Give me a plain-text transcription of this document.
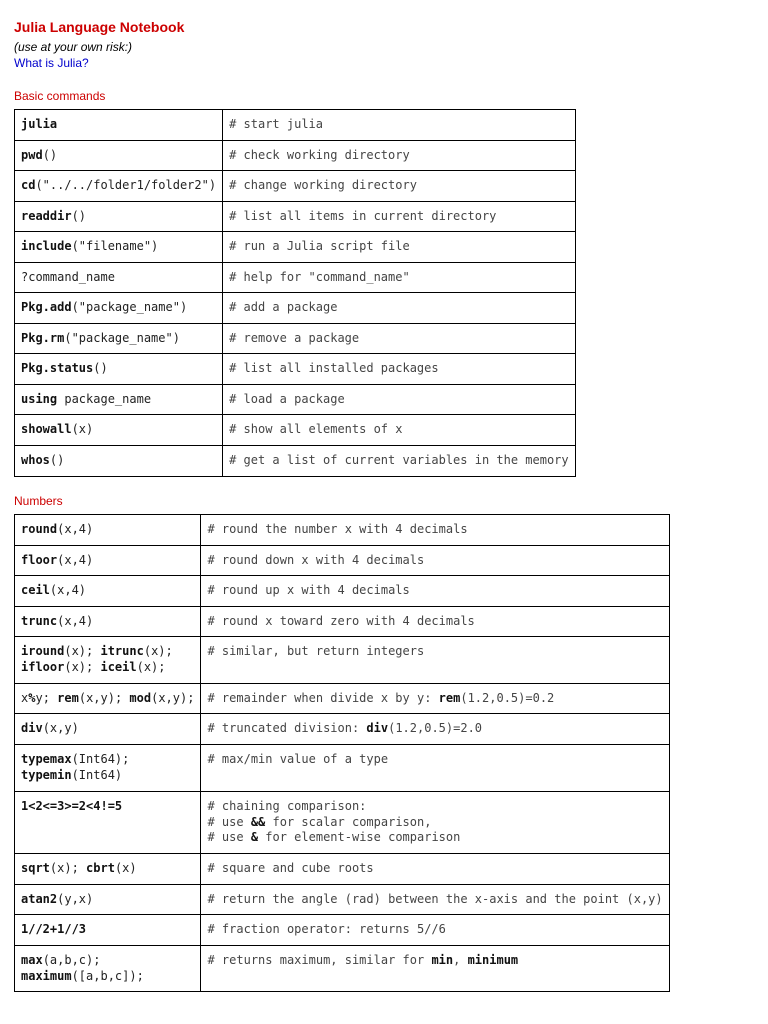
Julia Language Notebook
(use at your own risk:)
What is Julia?
Basic commands
julia	# start julia

pwd()	# check working directory

cd("../../folder1/folder2")	# change working directory

readdir()	# list all items in current directory

include("filename")	# run a Julia script file

?command_name	# help for "command_name"

Pkg.add("package_name")	# add a package

Pkg.rm("package_name")	# remove a package

Pkg.status()	# list all installed packages

using package_name	# load a package

showall(x)	# show all elements of x

whos()	# get a list of current variables in the memory
Numbers
round(x,4)	# round the number x with 4 decimals

floor(x,4)	# round down x with 4 decimals

ceil(x,4)	# round up x with 4 decimals

trunc(x,4)	# round x toward zero with 4 decimals

iround(x); itrunc(x);
ifloor(x); iceil(x);	# similar, but return integers

x%y; rem(x,y); mod(x,y);	# remainder when divide x by y: rem(1.2,0.5)=0.2

div(x,y)	# truncated division: div(1.2,0.5)=2.0

typemax(Int64);
typemin(Int64)	# max/min value of a type

1<2<=3>=2<4!=5	# chaining comparison:
# use && for scalar comparison,
# use & for element-wise comparison

sqrt(x); cbrt(x)	# square and cube roots

atan2(y,x)	# return the angle (rad) between the x-axis and the point (x,y)

1//2+1//3	# fraction operator: returns 5//6

max(a,b,c);
maximum([a,b,c]);	# returns maximum, similar for min, minimum
